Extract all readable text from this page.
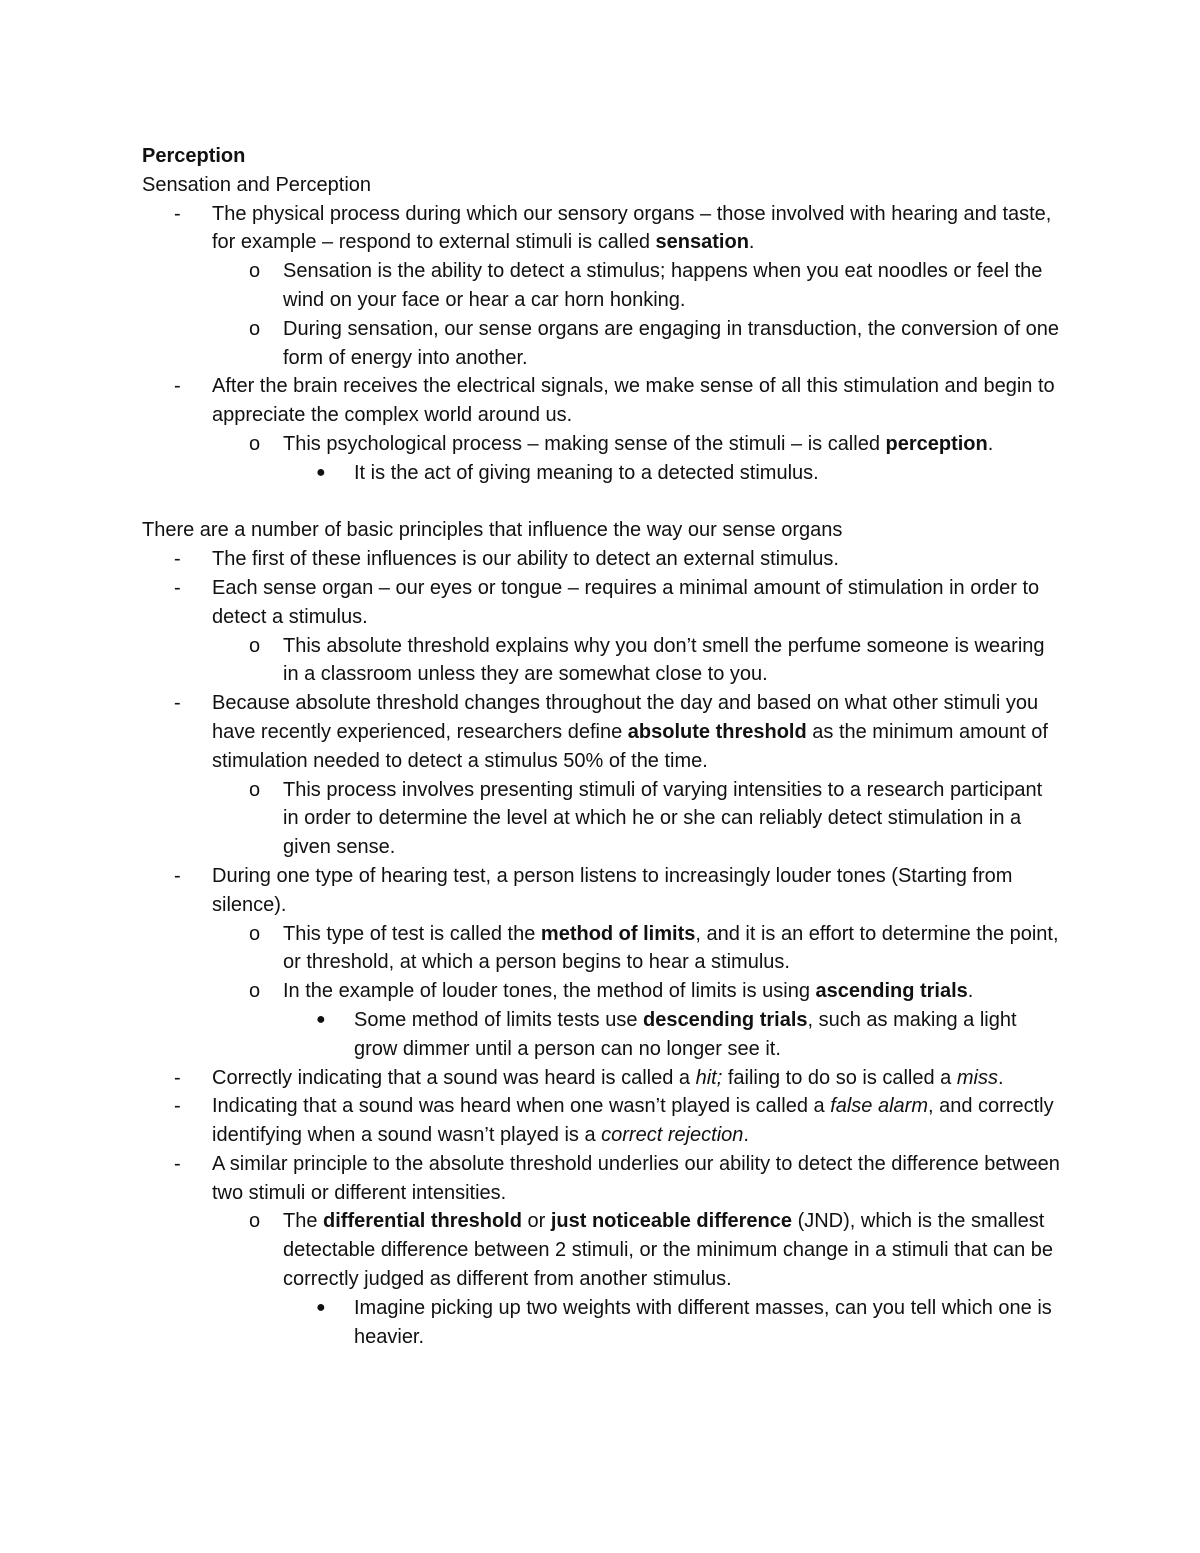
Perception

Sensation and Perception

- The physical process during which our sensory organs – those involved with hearing and taste, for example – respond to external stimuli is called sensation.

o Sensation is the ability to detect a stimulus; happens when you eat noodles or feel the wind on your face or hear a car horn honking.

o During sensation, our sense organs are engaging in transduction, the conversion of one form of energy into another.

- After the brain receives the electrical signals, we make sense of all this stimulation and begin to appreciate the complex world around us.

o This psychological process – making sense of the stimuli – is called perception.

● It is the act of giving meaning to a detected stimulus.

There are a number of basic principles that influence the way our sense organs

- The first of these influences is our ability to detect an external stimulus.

- Each sense organ – our eyes or tongue – requires a minimal amount of stimulation in order to detect a stimulus.

o This absolute threshold explains why you don’t smell the perfume someone is wearing in a classroom unless they are somewhat close to you.

- Because absolute threshold changes throughout the day and based on what other stimuli you have recently experienced, researchers define absolute threshold as the minimum amount of stimulation needed to detect a stimulus 50% of the time.

o This process involves presenting stimuli of varying intensities to a research participant in order to determine the level at which he or she can reliably detect stimulation in a given sense.

- During one type of hearing test, a person listens to increasingly louder tones (Starting from silence).

o This type of test is called the method of limits, and it is an effort to determine the point, or threshold, at which a person begins to hear a stimulus.

o In the example of louder tones, the method of limits is using ascending trials.

● Some method of limits tests use descending trials, such as making a light grow dimmer until a person can no longer see it.

- Correctly indicating that a sound was heard is called a hit; failing to do so is called a miss.

- Indicating that a sound was heard when one wasn’t played is called a false alarm, and correctly identifying when a sound wasn’t played is a correct rejection.

- A similar principle to the absolute threshold underlies our ability to detect the difference between two stimuli or different intensities.

o The differential threshold or just noticeable difference (JND), which is the smallest detectable difference between 2 stimuli, or the minimum change in a stimuli that can be correctly judged as different from another stimulus.

● Imagine picking up two weights with different masses, can you tell which one is heavier.
